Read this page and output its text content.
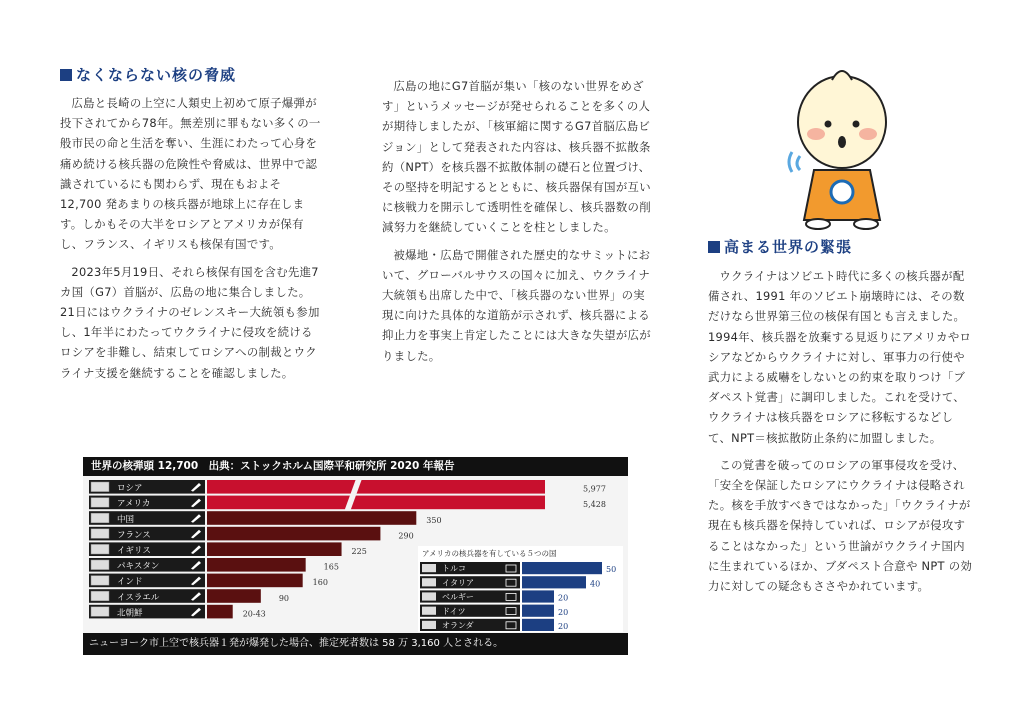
なくならない核の脅威

広島と長崎の上空に人類史上初めて原子爆弾が投下されてから78年。無差別に罪もない多くの一般市民の命と生活を奪い、生涯にわたって心身を痛め続ける核兵器の危険性や脅威は、世界中で認識されているにも関わらず、現在もおよそ 12,700 発あまりの核兵器が地球上に存在します。しかもその大半をロシアとアメリカが保有し、フランス、イギリスも核保有国です。

2023年5月19日、それら核保有国を含む先進7カ国（G7）首脳が、広島の地に集合しました。21日にはウクライナのゼレンスキー大統領も参加し、1年半にわたってウクライナに侵攻を続けるロシアを非難し、結束してロシアへの制裁とウクライナ支援を継続することを確認しました。

広島の地にG7首脳が集い「核のない世界をめざす」というメッセージが発せられることを多くの人が期待しましたが、「核軍縮に関するG7首脳広島ビジョン」として発表された内容は、核兵器不拡散条約（NPT）を核兵器不拡散体制の礎石と位置づけ、その堅持を明記するとともに、核兵器保有国が互いに核戦力を開示して透明性を確保し、核兵器数の削減努力を継続していくことを柱としました。

被爆地・広島で開催された歴史的なサミットにおいて、グローバルサウスの国々に加え、ウクライナ大統領も出席した中で、「核兵器のない世界」の実現に向けた具体的な道筋が示されず、核兵器による抑止力を事実上肯定したことには大きな失望が広がりました。

高まる世界の緊張

ウクライナはソビエト時代に多くの核兵器が配備され、1991 年のソビエト崩壊時には、その数だけなら世界第三位の核保有国とも言えました。1994年、核兵器を放棄する見返りにアメリカやロシアなどからウクライナに対し、軍事力の行使や武力による威嚇をしないとの約束を取りつけ「ブダペスト覚書」に調印しました。これを受けて、ウクライナは核兵器をロシアに移転するなどして、NPT＝核拡散防止条約に加盟しました。

この覚書を破ってのロシアの軍事侵攻を受け、「安全を保証したロシアにウクライナは侵略された。核を手放すべきではなかった」「ウクライナが現在も核兵器を保持していれば、ロシアが侵攻することはなかった」という世論がウクライナ国内に生まれているほか、ブダペスト合意や NPT の効力に対しての疑念もささやかれています。

世界の核弾頭 12,700　出典：ストックホルム国際平和研究所 2020 年報告
ロシア	5,977
アメリカ	5,428
中国	350
フランス	290
イギリス	225
パキスタン	165
インド	160
イスラエル	90
北朝鮮	20-43
アメリカの核兵器を有している５つの国
トルコ	50
イタリア	40
ベルギー	20
ドイツ	20
オランダ	20
ニューヨーク市上空で核兵器１発が爆発した場合、推定死者数は 58 万 3,160 人とされる。
